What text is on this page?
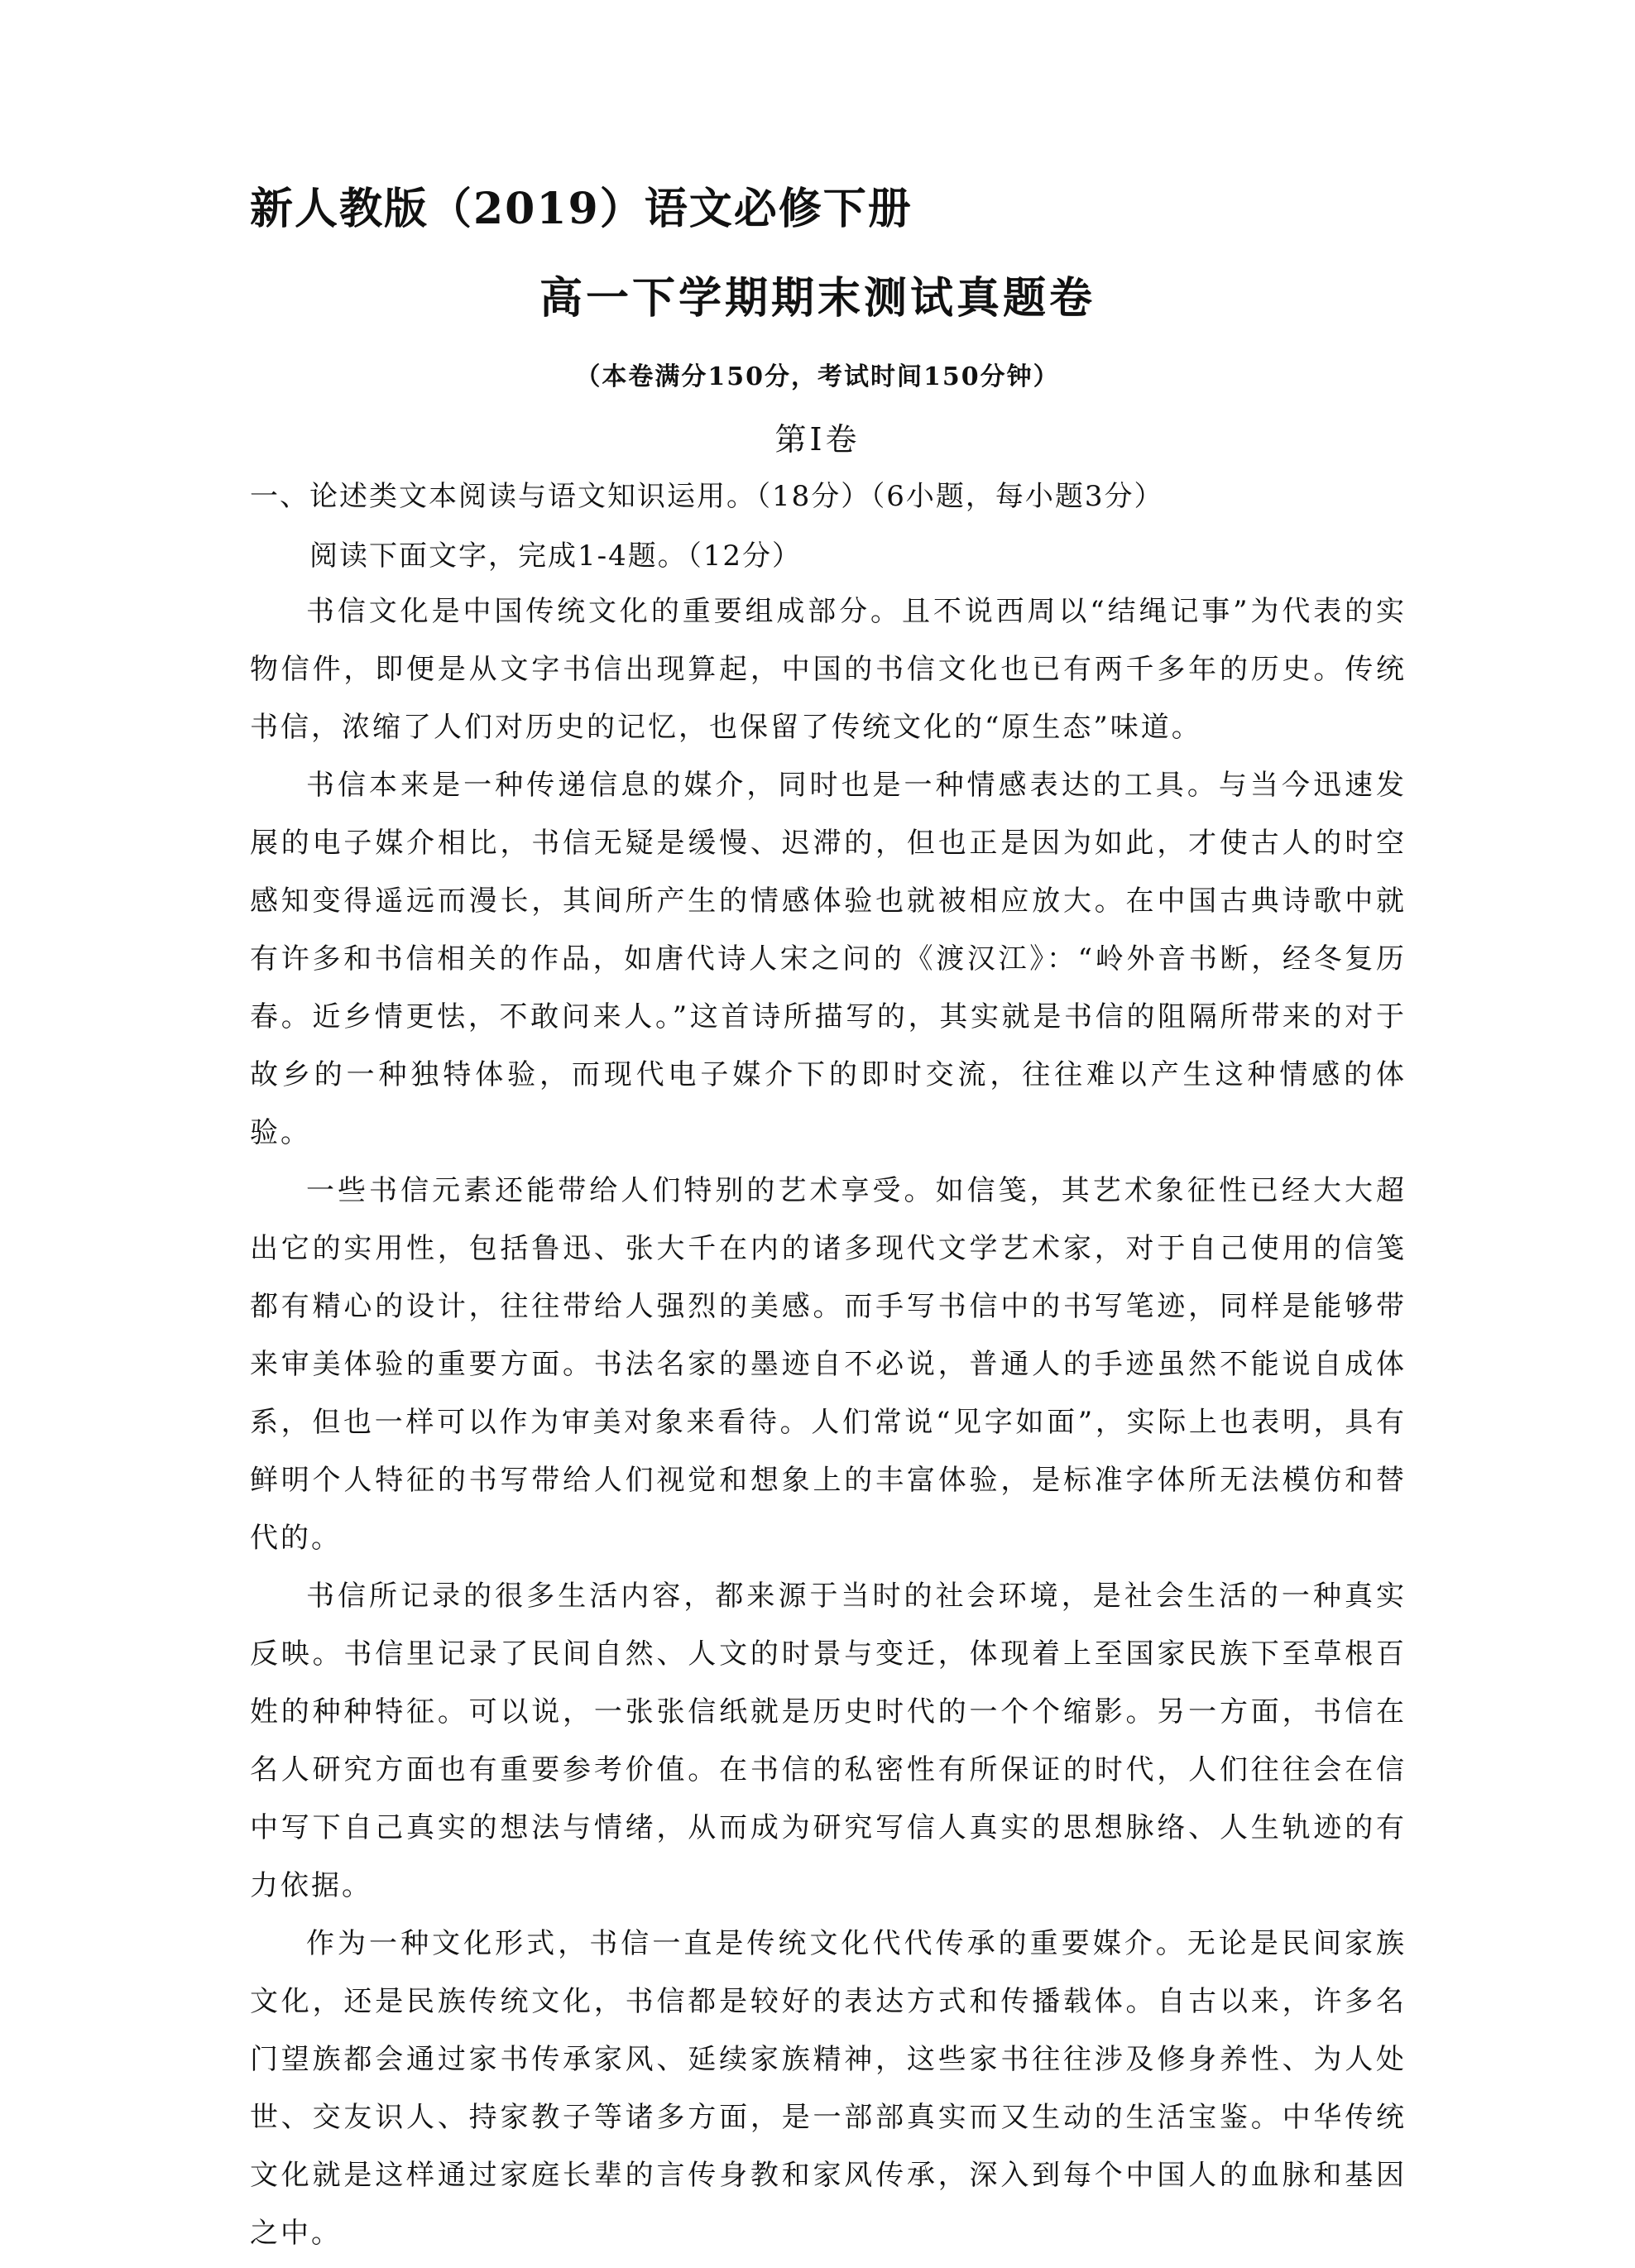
新人教版（2019）语文必修下册
高一下学期期末测试真题卷
（本卷满分150分，考试时间150分钟）
第Ⅰ卷
一、论述类文本阅读与语文知识运用。（18分）（6小题，每小题3分）
阅读下面文字，完成1-4题。（12分）

书信文化是中国传统文化的重要组成部分。且不说西周以“结绳记事”为代表的实物信件，即便是从文字书信出现算起，中国的书信文化也已有两千多年的历史。传统书信，浓缩了人们对历史的记忆，也保留了传统文化的“原生态”味道。

书信本来是一种传递信息的媒介，同时也是一种情感表达的工具。与当今迅速发展的电子媒介相比，书信无疑是缓慢、迟滞的，但也正是因为如此，才使古人的时空感知变得遥远而漫长，其间所产生的情感体验也就被相应放大。在中国古典诗歌中就有许多和书信相关的作品，如唐代诗人宋之问的《渡汉江》：“岭外音书断，经冬复历春。近乡情更怯，不敢问来人。”这首诗所描写的，其实就是书信的阻隔所带来的对于故乡的一种独特体验，而现代电子媒介下的即时交流，往往难以产生这种情感的体验。

一些书信元素还能带给人们特别的艺术享受。如信笺，其艺术象征性已经大大超出它的实用性，包括鲁迅、张大千在内的诸多现代文学艺术家，对于自己使用的信笺都有精心的设计，往往带给人强烈的美感。而手写书信中的书写笔迹，同样是能够带来审美体验的重要方面。书法名家的墨迹自不必说，普通人的手迹虽然不能说自成体系，但也一样可以作为审美对象来看待。人们常说“见字如面”，实际上也表明，具有鲜明个人特征的书写带给人们视觉和想象上的丰富体验，是标准字体所无法模仿和替代的。

书信所记录的很多生活内容，都来源于当时的社会环境，是社会生活的一种真实反映。书信里记录了民间自然、人文的时景与变迁，体现着上至国家民族下至草根百姓的种种特征。可以说，一张张信纸就是历史时代的一个个缩影。另一方面，书信在名人研究方面也有重要参考价值。在书信的私密性有所保证的时代，人们往往会在信中写下自己真实的想法与情绪，从而成为研究写信人真实的思想脉络、人生轨迹的有力依据。

作为一种文化形式，书信一直是传统文化代代传承的重要媒介。无论是民间家族文化，还是民族传统文化，书信都是较好的表达方式和传播载体。自古以来，许多名门望族都会通过家书传承家风、延续家族精神，这些家书往往涉及修身养性、为人处世、交友识人、持家教子等诸多方面，是一部部真实而又生动的生活宝鉴。中华传统文化就是这样通过家庭长辈的言传身教和家风传承，深入到每个中国人的血脉和基因之中。
